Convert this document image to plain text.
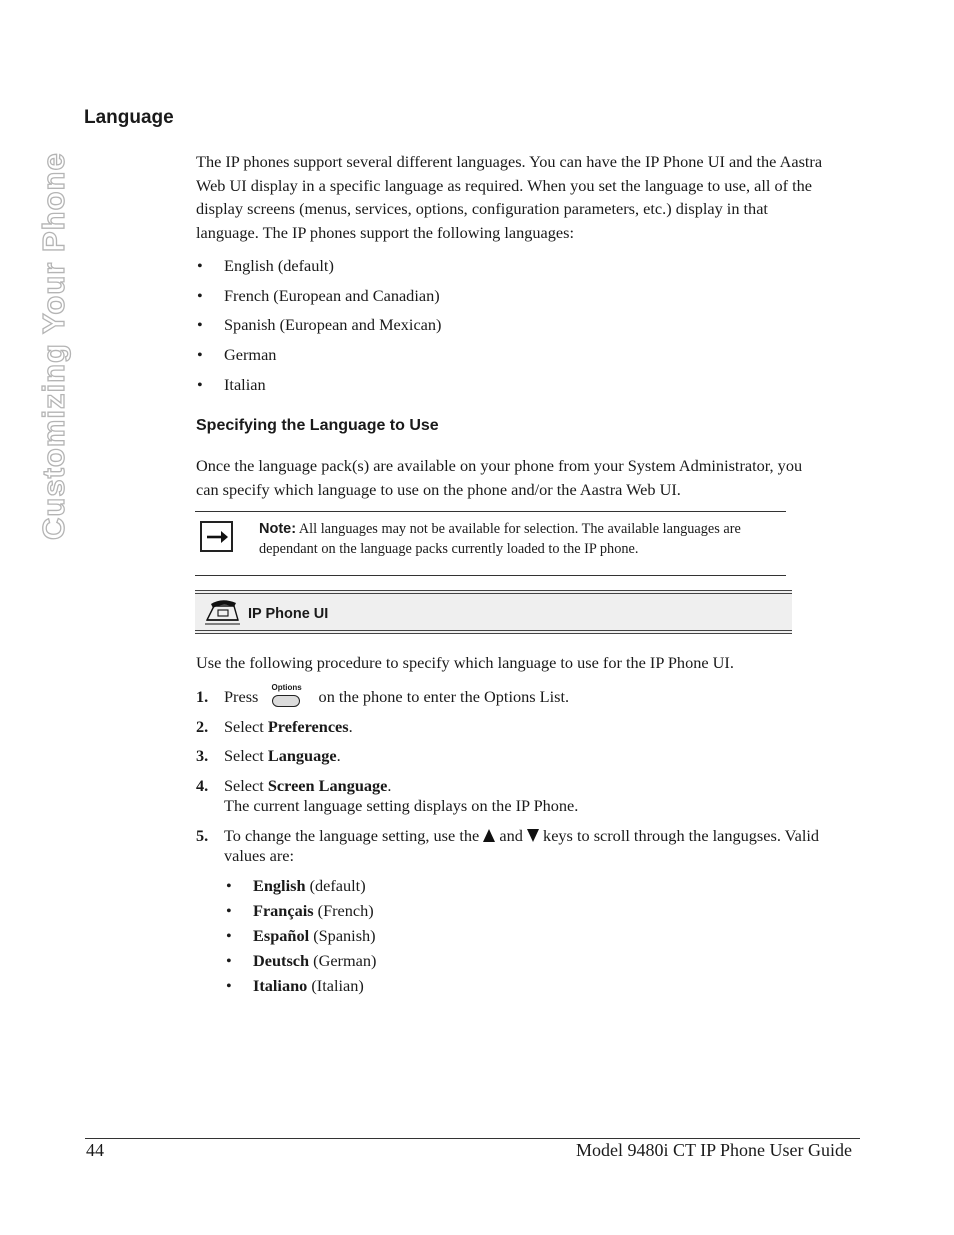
Customizing Your Phone
Language
The IP phones support several different languages. You can have the IP Phone UI and the Aastra
Web UI display in a specific language as required. When you set the language to use, all of the
display screens (menus, services, options, configuration parameters, etc.) display in that
language. The IP phones support the following languages:
• English (default)
• French (European and Canadian)
• Spanish (European and Mexican)
• German
• Italian
Specifying the Language to Use
Once the language pack(s) are available on your phone from your System Administrator, you
can specify which language to use on the phone and/or the Aastra Web UI.
Note: All languages may not be available for selection. The available languages are
dependant on the language packs currently loaded to the IP phone.
IP Phone UI
Use the following procedure to specify which language to use for the IP Phone UI.
1. Press Options on the phone to enter the Options List.
2. Select Preferences.
3. Select Language.
4. Select Screen Language.
The current language setting displays on the IP Phone.
5. To change the language setting, use the and keys to scroll through the langugses. Valid
values are:
• English (default)
• Français (French)
• Español (Spanish)
• Deutsch (German)
• Italiano (Italian)
44	Model 9480i CT IP Phone User Guide
